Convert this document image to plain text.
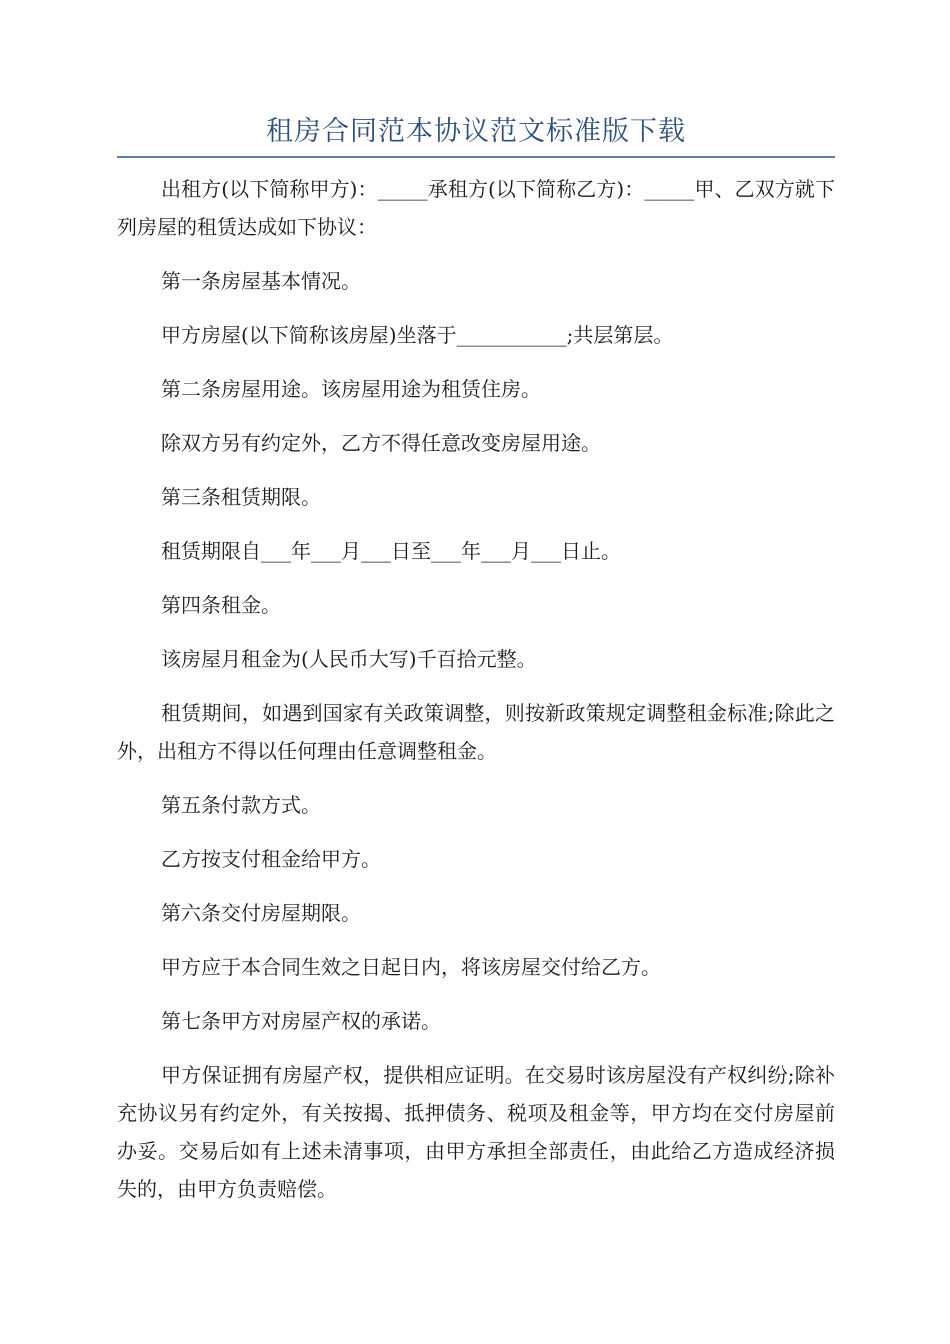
租房合同范本协议范文标准版下载

出租方(以下简称甲方)：_____承租方(以下简称乙方)：_____甲、乙双方就下列房屋的租赁达成如下协议：

第一条房屋基本情况。

甲方房屋(以下简称该房屋)坐落于___________;共层第层。

第二条房屋用途。该房屋用途为租赁住房。

除双方另有约定外，乙方不得任意改变房屋用途。

第三条租赁期限。

租赁期限自___年___月___日至___年___月___日止。

第四条租金。

该房屋月租金为(人民币大写)千百拾元整。

租赁期间，如遇到国家有关政策调整，则按新政策规定调整租金标准;除此之外，出租方不得以任何理由任意调整租金。

第五条付款方式。

乙方按支付租金给甲方。

第六条交付房屋期限。

甲方应于本合同生效之日起日内，将该房屋交付给乙方。

第七条甲方对房屋产权的承诺。

甲方保证拥有房屋产权，提供相应证明。在交易时该房屋没有产权纠纷;除补充协议另有约定外，有关按揭、抵押债务、税项及租金等，甲方均在交付房屋前办妥。交易后如有上述未清事项，由甲方承担全部责任，由此给乙方造成经济损失的，由甲方负责赔偿。
